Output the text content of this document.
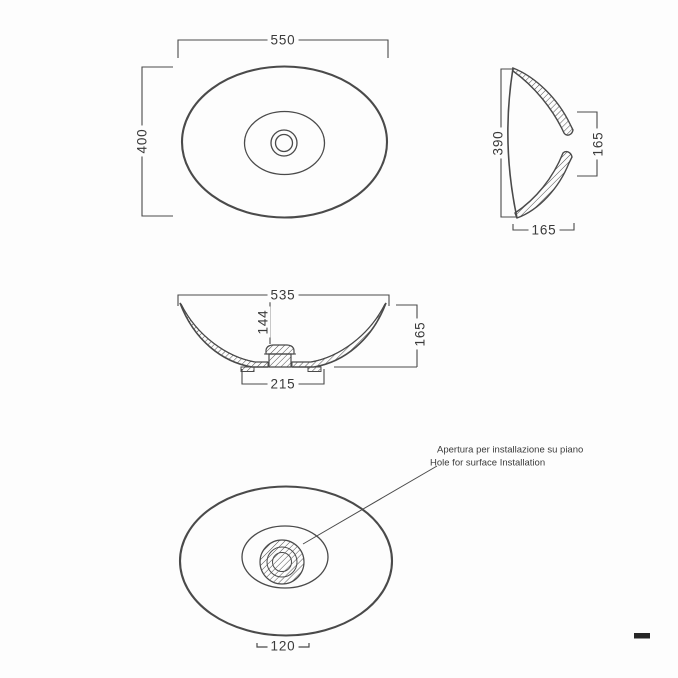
550
400	390	165
165
535
144	165
215
120
Apertura per installazione su piano
Hole for surface Installation
